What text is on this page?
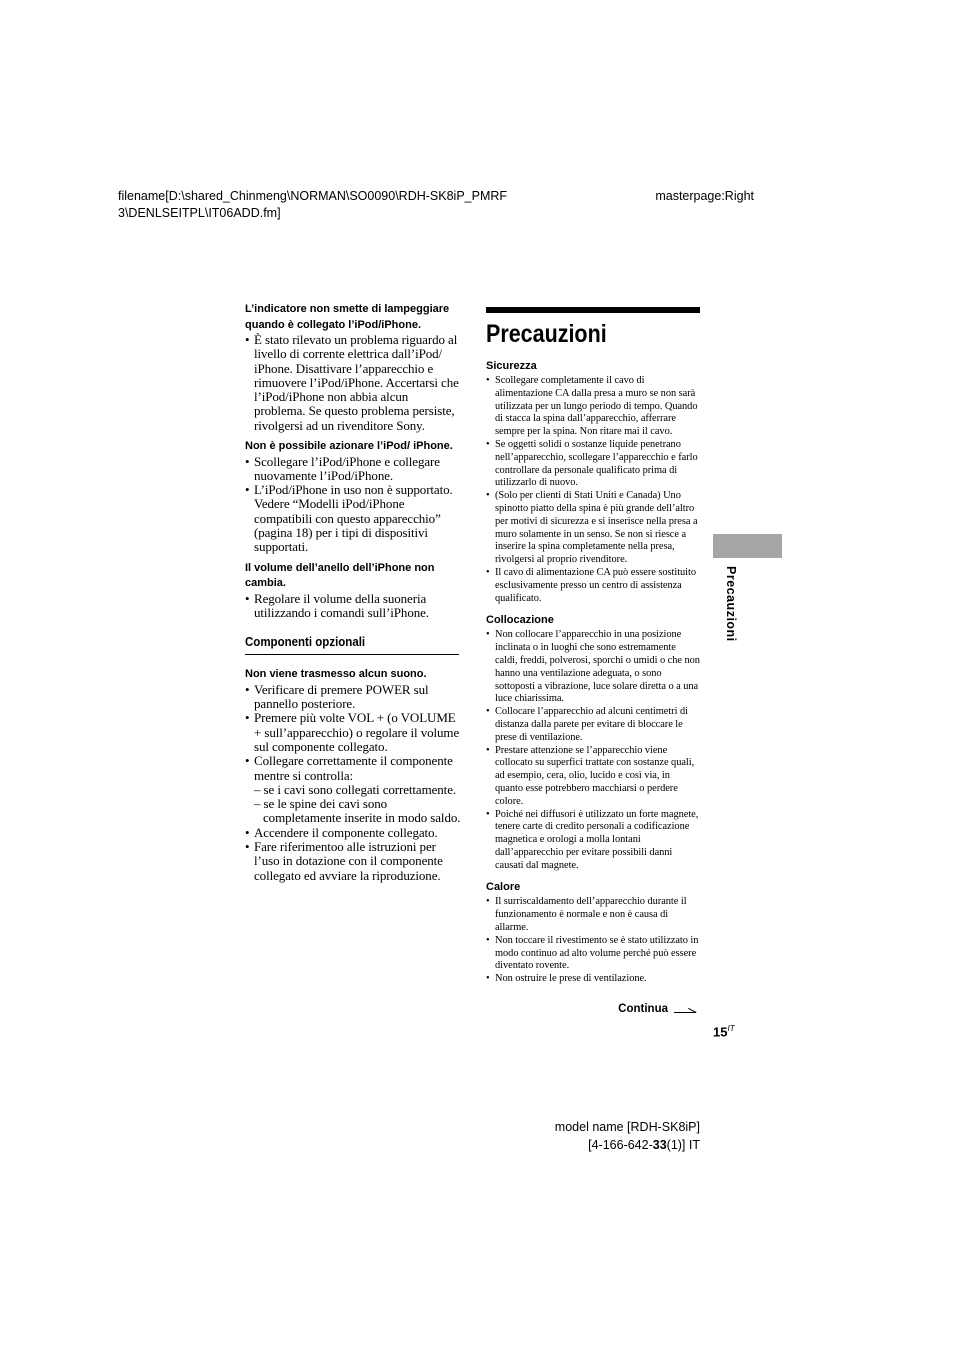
filename[D:\shared_Chinmeng\NORMAN\SO0090\RDH-SK8iP_PMRF
3\DENLSEITPL\IT06ADD.fm]
masterpage:Right

L’indicatore non smette di lampeggiare quando è collegato l’iPod/iPhone.

• È stato rilevato un problema riguardo al livello di corrente elettrica dall’iPod/ iPhone. Disattivare l’apparecchio e rimuovere l’iPod/iPhone. Accertarsi che l’iPod/iPhone non abbia alcun problema. Se questo problema persiste, rivolgersi ad un rivenditore Sony.

Non è possibile azionare l’iPod/ iPhone.

• Scollegare l’iPod/iPhone e collegare nuovamente l’iPod/iPhone.
• L’iPod/iPhone in uso non è supportato. Vedere “Modelli iPod/iPhone compatibili con questo apparecchio” (pagina 18) per i tipi di dispositivi supportati.

Il volume dell’anello dell’iPhone non cambia.

• Regolare il volume della suoneria utilizzando i comandi sull’iPhone.
Componenti opzionali

Non viene trasmesso alcun suono.

• Verificare di premere POWER sul pannello posteriore.
• Premere più volte VOL + (o VOLUME + sull’apparecchio) o regolare il volume sul componente collegato.
• Collegare correttamente il componente mentre si controlla:
– se i cavi sono collegati correttamente.
– se le spine dei cavi sono completamente inserite in modo saldo.
• Accendere il componente collegato.
• Fare riferimentoo alle istruzioni per l’uso in dotazione con il componente collegato ed avviare la riproduzione.
Precauzioni
Sicurezza
• Scollegare completamente il cavo di alimentazione CA dalla presa a muro se non sarà utilizzata per un lungo periodo di tempo. Quando di stacca la spina dall’apparecchio, afferrare sempre per la spina. Non ritare mai il cavo.
• Se oggetti solidi o sostanze liquide penetrano nell’apparecchio, scollegare l’apparecchio e farlo controllare da personale qualificato prima di utilizzarlo di nuovo.
• (Solo per clienti di Stati Uniti e Canada) Uno spinotto piatto della spina è più grande dell’altro per motivi di sicurezza e si inserisce nella presa a muro solamente in un senso. Se non si riesce a inserire la spina completamente nella presa, rivolgersi al proprio rivenditore.
• Il cavo di alimentazione CA può essere sostituito esclusivamente presso un centro di assistenza qualificato.
Collocazione
• Non collocare l’apparecchio in una posizione inclinata o in luoghi che sono estremamente caldi, freddi, polverosi, sporchi o umidi o che non hanno una ventilazione adeguata, o sono sottoposti a vibrazione, luce solare diretta o a una luce chiarissima.
• Collocare l’apparecchio ad alcuni centimetri di distanza dalla parete per evitare di bloccare le prese di ventilazione.
• Prestare attenzione se l’apparecchio viene collocato su superfici trattate con sostanze quali, ad esempio, cera, olio, lucido e così via, in quanto esse potrebbero macchiarsi o perdere colore.
• Poiché nei diffusori è utilizzato un forte magnete, tenere carte di credito personali a codificazione magnetica e orologi a molla lontani dall’apparecchio per evitare possibili danni causati dal magnete.
Calore
• Il surriscaldamento dell’apparecchio durante il funzionamento è normale e non è causa di allarme.
• Non toccare il rivestimento se è stato utilizzato in modo continuo ad alto volume perché può essere diventato rovente.
• Non ostruire le prese di ventilazione.
Continua
Precauzioni
$15^{IT}$
model name [RDH-SK8iP]
[4-166-642-33(1)] IT
